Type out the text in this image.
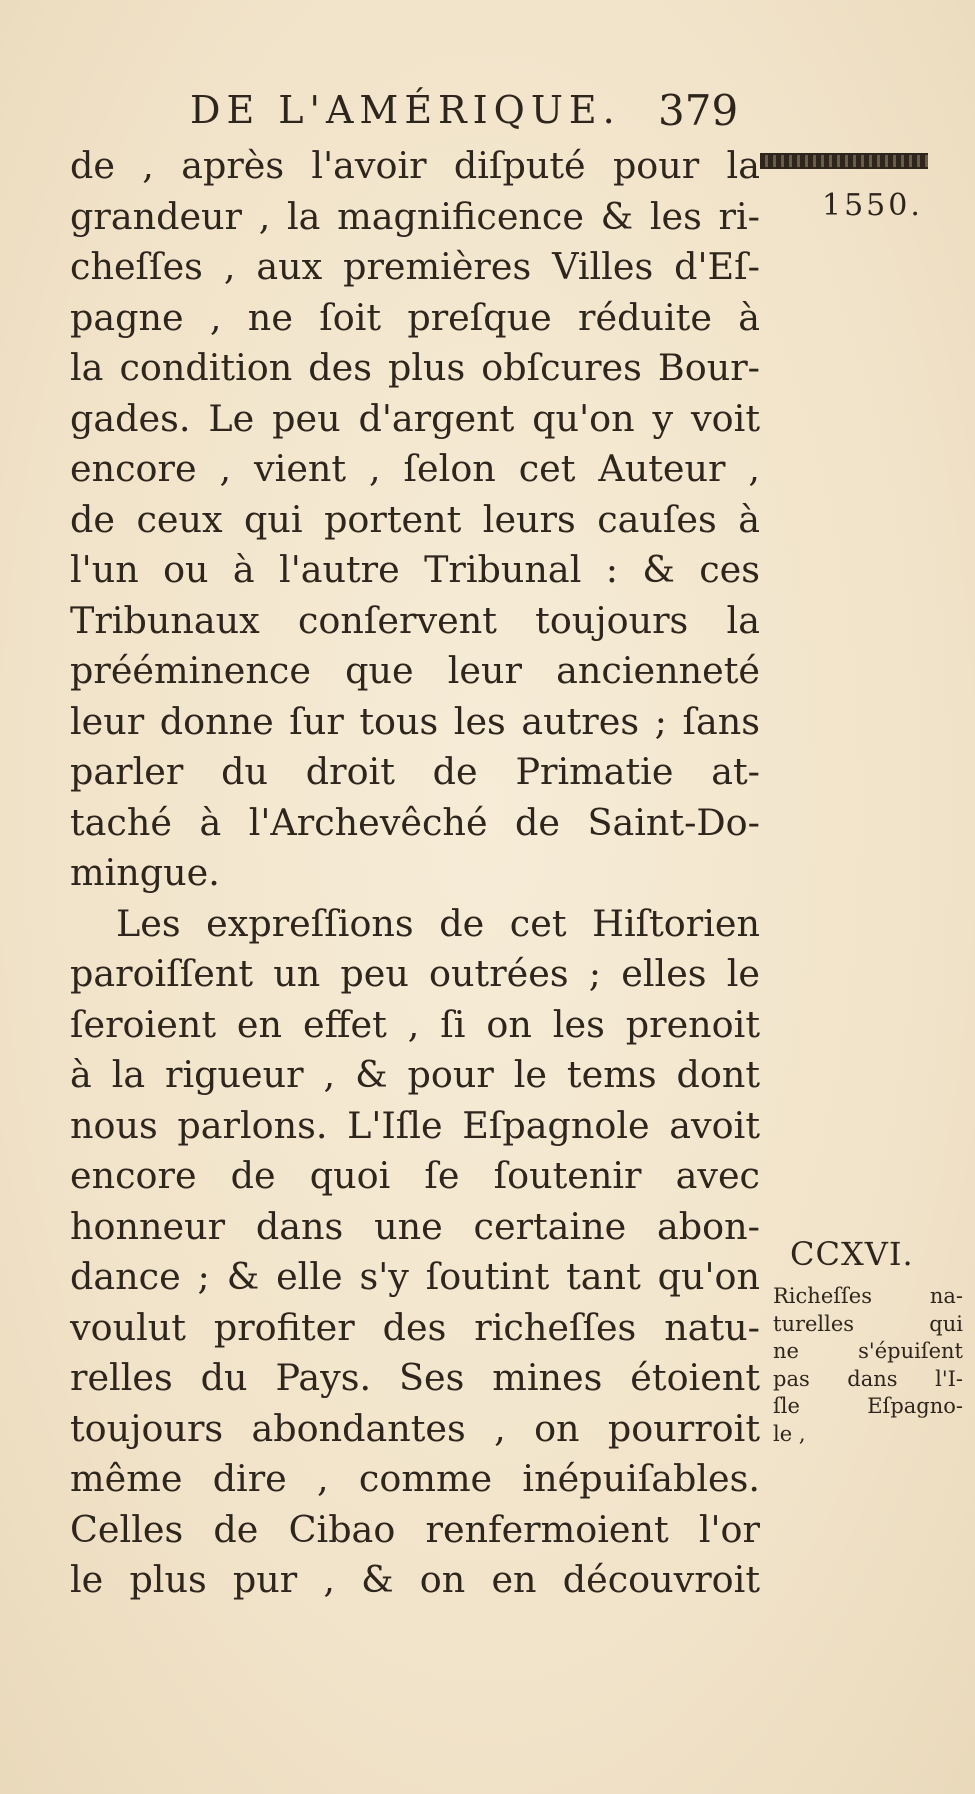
DE L'AMÉRIQUE. 379
1550.
de , après l'avoir diſputé pour la
grandeur , la magnificence & les ri-
cheſſes , aux premières Villes d'Eſ-
pagne , ne ſoit preſque réduite à
la condition des plus obſcures Bour-
gades. Le peu d'argent qu'on y voit
encore , vient , ſelon cet Auteur ,
de ceux qui portent leurs cauſes à
l'un ou à l'autre Tribunal : & ces
Tribunaux conſervent toujours la
prééminence que leur ancienneté
leur donne ſur tous les autres ; ſans
parler du droit de Primatie at-
taché à l'Archevêché de Saint-Do-
mingue.
Les expreſſions de cet Hiſtorien
paroiſſent un peu outrées ; elles le
ſeroient en effet , ſi on les prenoit
à la rigueur , & pour le tems dont
nous parlons. L'Iſle Eſpagnole avoit
encore de quoi ſe ſoutenir avec
honneur dans une certaine abon-
dance ; & elle s'y ſoutint tant qu'on
voulut profiter des richeſſes natu-
relles du Pays. Ses mines étoient
toujours abondantes , on pourroit
même dire , comme inépuiſables.
Celles de Cibao renfermoient l'or
le plus pur , & on en découvroit
CCXVI.
Richeſſes na-
turelles qui
ne s'épuiſent
pas dans l'I-
ſle Eſpagno-
le ,
